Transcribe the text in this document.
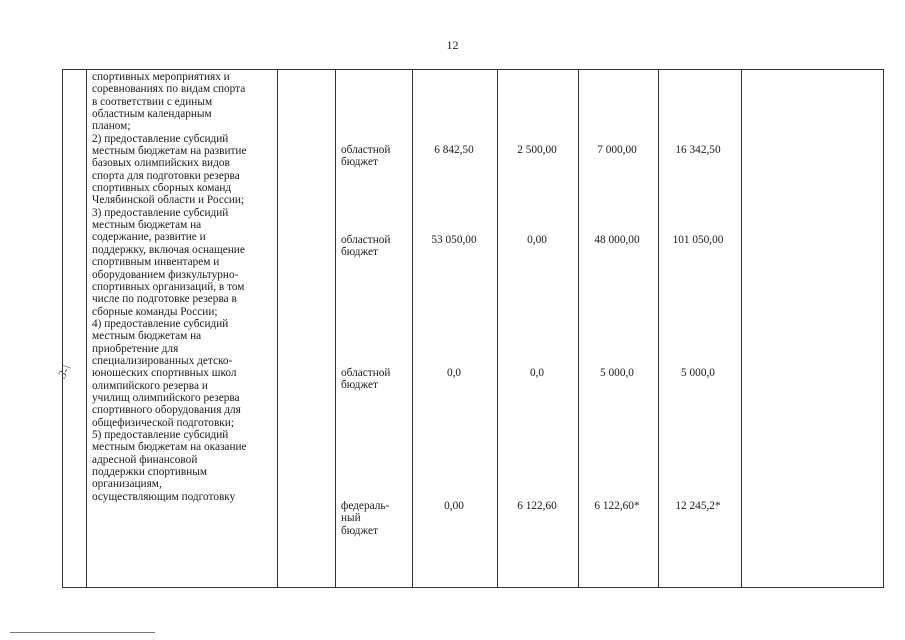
12
3-\

спортивных мероприятиях и

соревнованиях по видам спорта

в соответствии с единым

областным календарным

планом;

2) предоставление субсидий

местным бюджетам на развитие

базовых олимпийских видов

спорта для подготовки резерва

спортивных сборных команд

Челябинской области и России;

3) предоставление субсидий

местным бюджетам на

содержание, развитие и

поддержку, включая оснащение

спортивным инвентарем и

оборудованием физкультурно-

спортивных организаций, в том

числе по подготовке резерва в

сборные команды России;

4) предоставление субсидий

местным бюджетам на

приобретение для

специализированных детско-

юношеских спортивных школ

олимпийского резерва и

училищ олимпийского резерва

спортивного оборудования для

общефизической подготовки;

5) предоставление субсидий

местным бюджетам на оказание

адресной финансовой

поддержки спортивным

организациям,

осуществляющим подготовку

областной бюджет
6 842,50	2 500,00	7 000,00	16 342,50
областной бюджет
53 050,00	0,00	48 000,00	101 050,00
областной бюджет
0,0	0,0	5 000,0	5 000,0
федераль-
ный
бюджет
0,00	6 122,60	6 122,60*	12 245,2*
